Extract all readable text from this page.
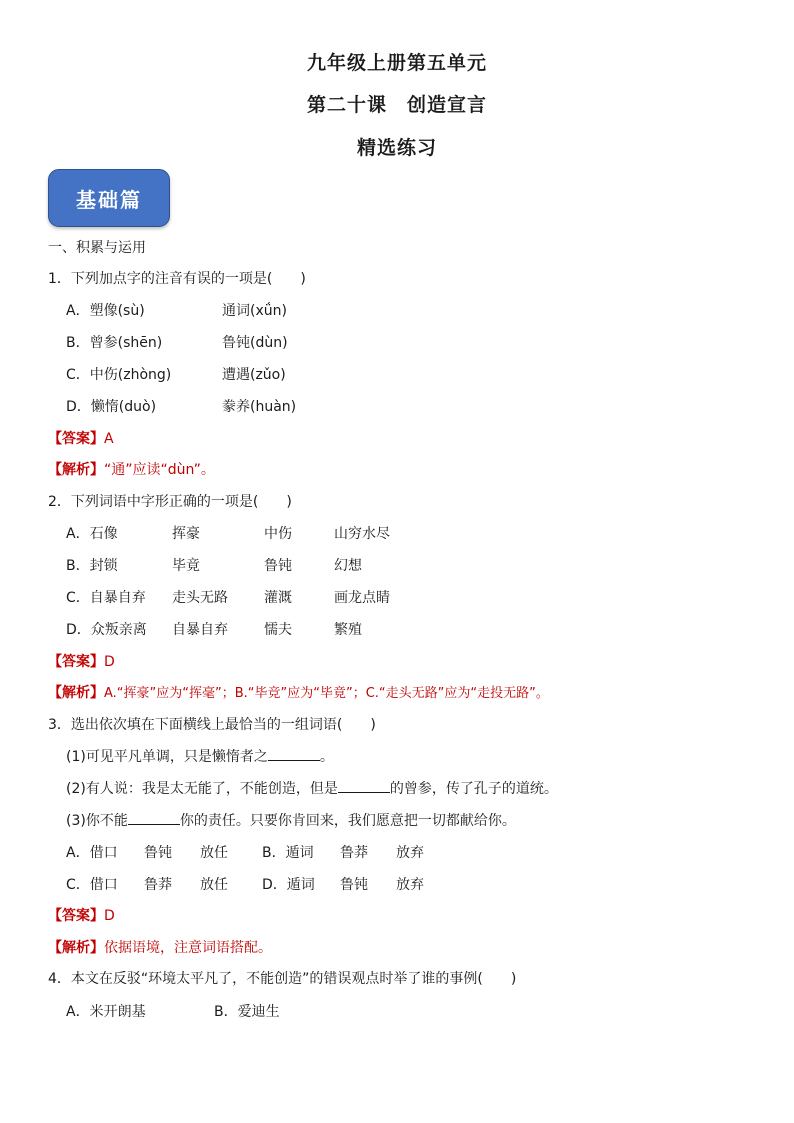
九年级上册第五单元
第二十课　创造宣言
精选练习
基础篇
一、积累与运用
1．下列加点字的注音有误的一项是(　　)
A．塑像(sù)	通词(xǘn)
B．曾参(shēn)	鲁钝(dùn)
C．中伤(zhòng)	遭遇(zǔo)
D．懒惰(duò)	豢养(huàn)
【答案】A
【解析】“通”应读“dùn”。
2．下列词语中字形正确的一项是(　　)
A．石像	挥豪	中伤	山穷水尽
B．封锁	毕竟	鲁钝	幻想
C．自暴自弃 走头无路	灌溉	画龙点睛
D．众叛亲离 自暴自弃	懦夫	繁殖
【答案】D
【解析】A.“挥豪”应为“挥毫”；B.“毕竞”应为“毕竟”；C.“走头无路”应为“走投无路”。
3．选出依次填在下面横线上最恰当的一组词语(　　)
(1)可见平凡单调，只是懒惰者之	。
(2)有人说：我是太无能了，不能创造，但是	的曾参，传了孔子的道统。
(3)你不能	你的责任。只要你肯回来，我们愿意把一切都献给你。
A．借口 鲁钝 放任 B．遁词 鲁莽 放弃
C．借口 鲁莽 放任 D．遁词 鲁钝 放弃
【答案】D
【解析】依据语境，注意词语搭配。
4．本文在反驳“环境太平凡了，不能创造”的错误观点时举了谁的事例(　　)
A．米开朗基	B．爱迪生
